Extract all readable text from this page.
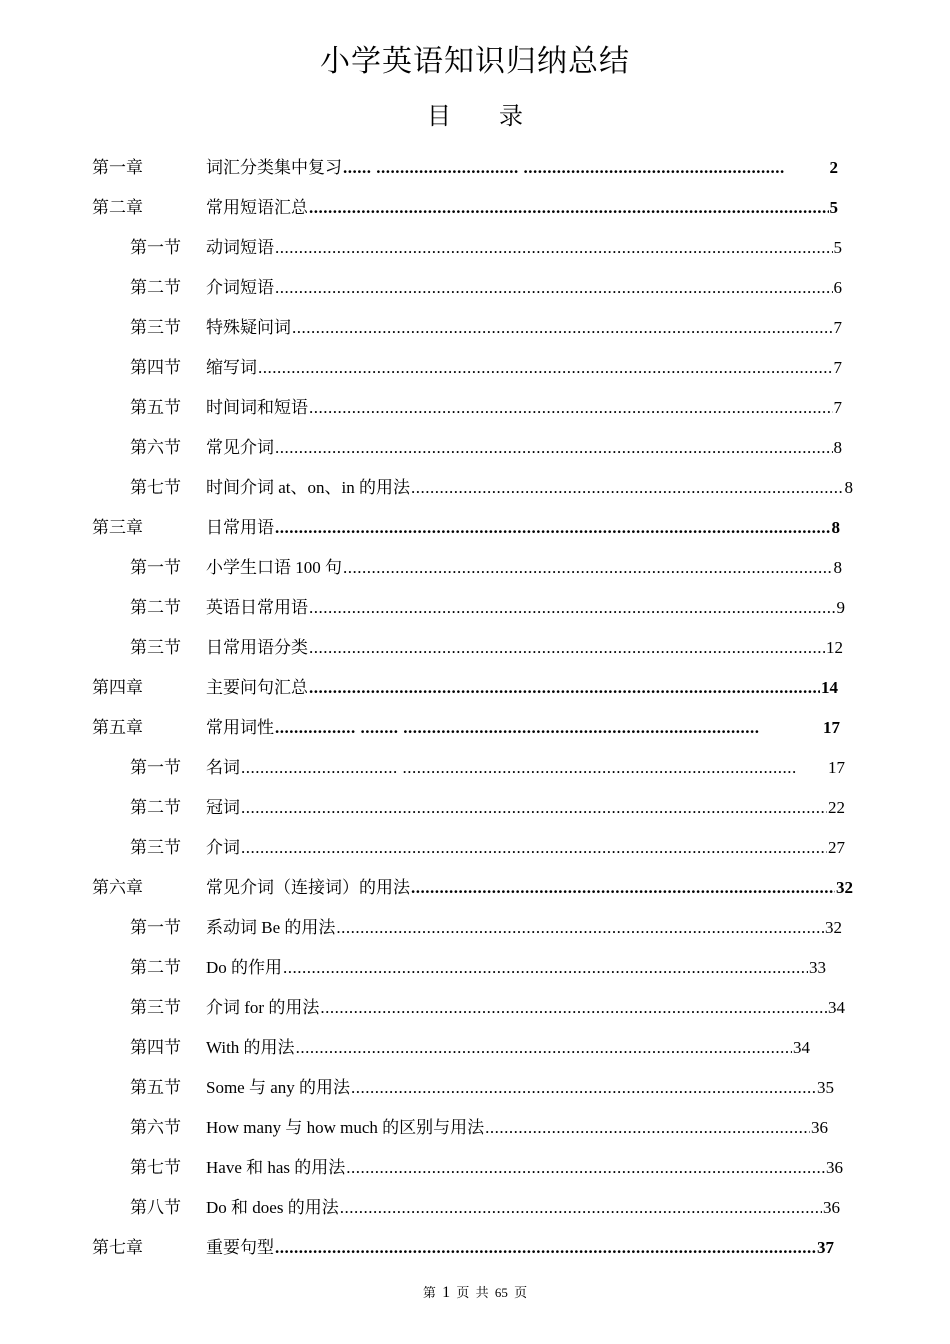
小学英语知识归纳总结
目　　录
第一章	词汇分类集中复习 ...... .............................. .......................................................	2
第二章	常用短语汇总 .....	5
第一节 动词短语 .....	5
第二节 介词短语 .....	6
第三节 特殊疑问词 .....	7
第四节 缩写词 .....	7
第五节 时间词和短语 .....	7
第六节 常见介词 .....	8
第七节 时间介词 at、on、in 的用法 .....	8
第三章	日常用语 .....	8
第一节 小学生口语 100 句 .....	8
第二节 英语日常用语 .....	9
第三节 日常用语分类 .....	12
第四章	主要问句汇总 .....	14
第五章	常用词性 ................. ........ ...........................................................................	17
第一节 名词 ................................. ...................................................................................	17
第二节 冠词 .....	22
第三节 介词 .....	27
第六章	常见介词（连接词）的用法 .....	32
第一节 系动词 Be 的用法 .....	32
第二节 Do 的作用 .....	33
第三节 介词 for 的用法 .....	34
第四节 With 的用法 .....	34
第五节 Some 与 any 的用法 .....	35
第六节 How many 与 how much 的区别与用法 .....	36
第七节 Have 和 has 的用法 .....	36
第八节 Do 和 does 的用法 .....	36
第七章	重要句型 .....	37
第 1 页 共 65 页
